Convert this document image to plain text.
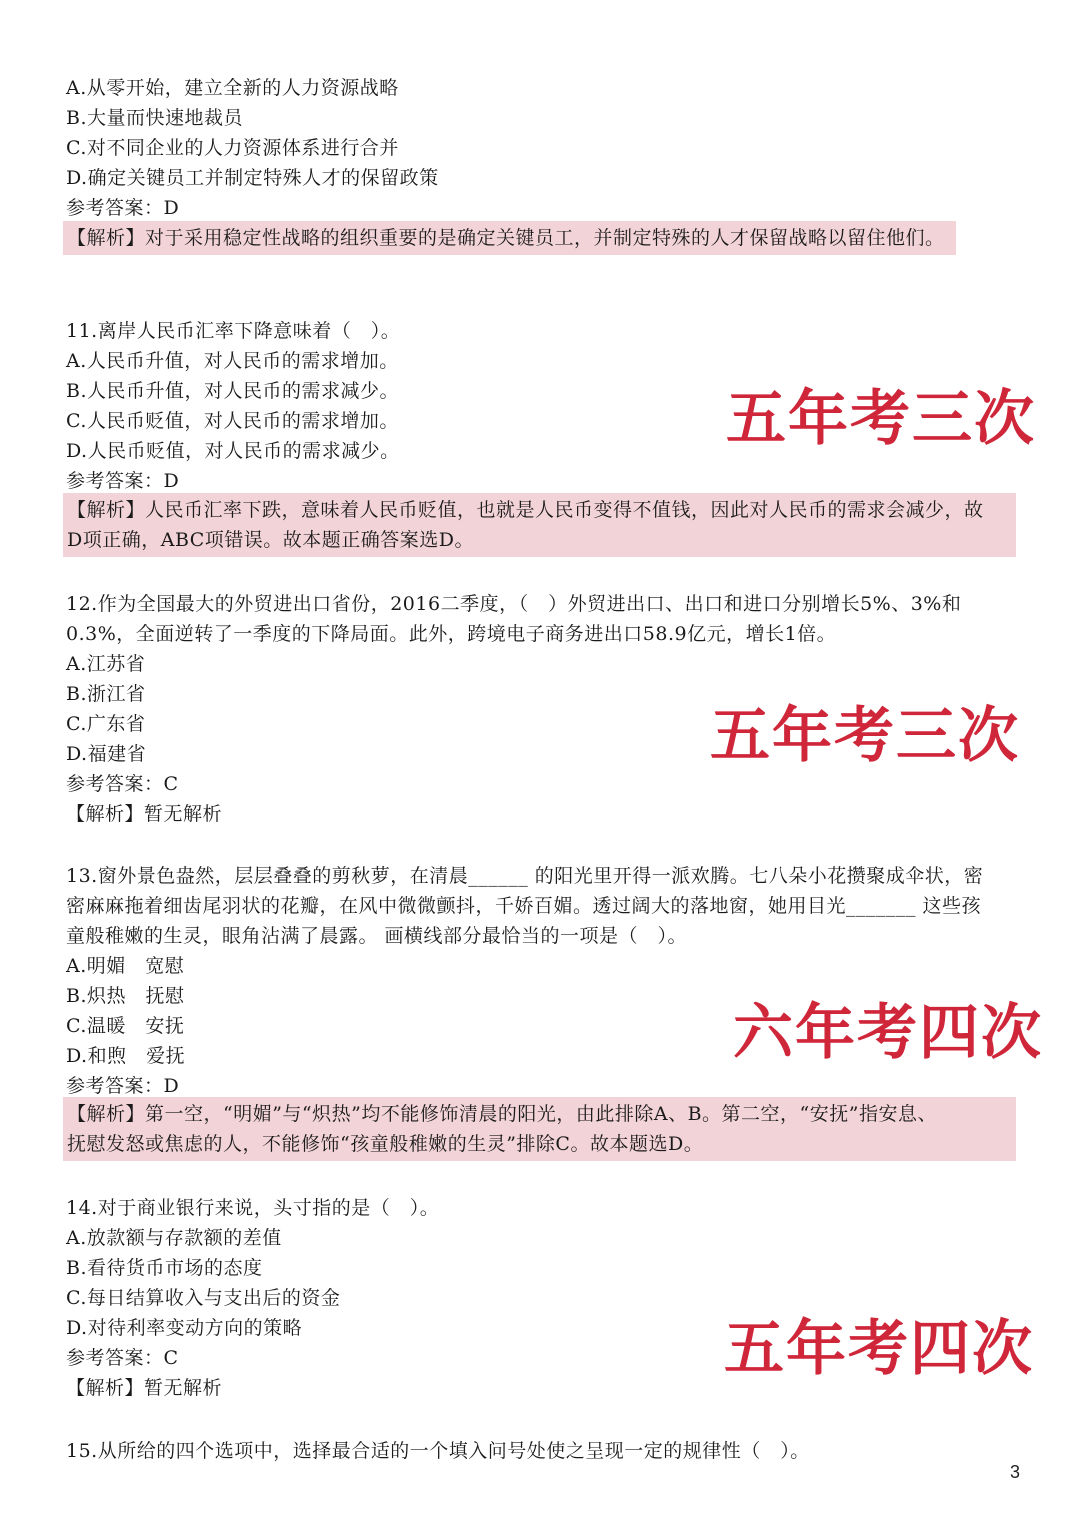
A.从零开始，建立全新的人力资源战略
B.大量而快速地裁员
C.对不同企业的人力资源体系进行合并
D.确定关键员工并制定特殊人才的保留政策
参考答案：D
【解析】对于采用稳定性战略的组织重要的是确定关键员工，并制定特殊的人才保留战略以留住他们。
11.离岸人民币汇率下降意味着（　）。
A.人民币升值，对人民币的需求增加。
B.人民币升值，对人民币的需求减少。
C.人民币贬值，对人民币的需求增加。
D.人民币贬值，对人民币的需求减少。
参考答案：D
【解析】人民币汇率下跌，意味着人民币贬值，也就是人民币变得不值钱，因此对人民币的需求会减少，故
D项正确，ABC项错误。故本题正确答案选D。
五年考三次
12.作为全国最大的外贸进出口省份，2016二季度，（　）外贸进出口、出口和进口分别增长5%、3%和
0.3%，全面逆转了一季度的下降局面。此外，跨境电子商务进出口58.9亿元，增长1倍。
A.江苏省
B.浙江省
C.广东省
D.福建省
参考答案：C
【解析】暂无解析
五年考三次
13.窗外景色盎然，层层叠叠的剪秋萝，在清晨______ 的阳光里开得一派欢腾。七八朵小花攒聚成伞状，密
密麻麻拖着细齿尾羽状的花瓣，在风中微微颤抖，千娇百媚。透过阔大的落地窗，她用目光_______ 这些孩
童般稚嫩的生灵，眼角沾满了晨露。 画横线部分最恰当的一项是（　）。
A.明媚　宽慰
B.炽热　抚慰
C.温暖　安抚
D.和煦　爱抚
参考答案：D
【解析】第一空，“明媚”与“炽热”均不能修饰清晨的阳光，由此排除A、B。第二空，“安抚”指安息、
抚慰发怒或焦虑的人，不能修饰“孩童般稚嫩的生灵”排除C。故本题选D。
六年考四次
14.对于商业银行来说，头寸指的是（　）。
A.放款额与存款额的差值
B.看待货币市场的态度
C.每日结算收入与支出后的资金
D.对待利率变动方向的策略
参考答案：C
【解析】暂无解析
五年考四次
15.从所给的四个选项中，选择最合适的一个填入问号处使之呈现一定的规律性（　）。
3
